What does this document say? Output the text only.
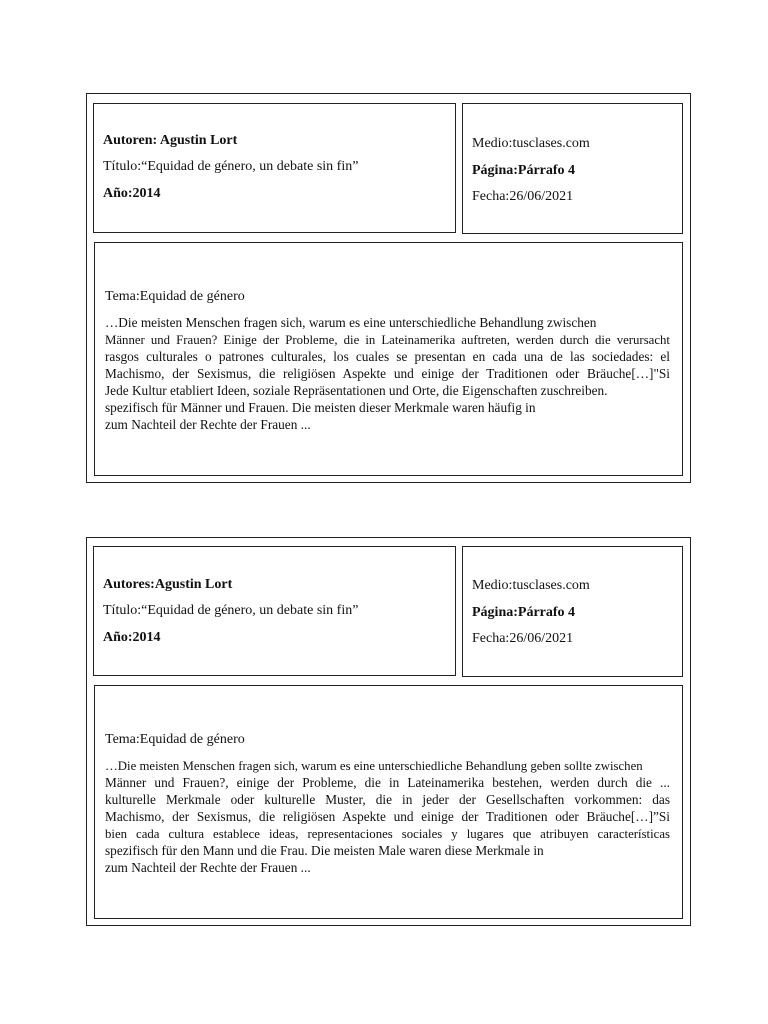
Autoren: Agustin Lort
Título:“Equidad de género, un debate sin fin”
Año:2014
Medio:tusclases.com
Página:Párrafo 4
Fecha:26/06/2021
Tema:Equidad de género
…Die meisten Menschen fragen sich, warum es eine unterschiedliche Behandlung zwischen
Männer und Frauen? Einige der Probleme, die in Lateinamerika auftreten, werden durch die verursacht
rasgos culturales o patrones culturales, los cuales se presentan en cada una de las sociedades: el
Machismo, der Sexismus, die religiösen Aspekte und einige der Traditionen oder Bräuche[…]"Si
Jede Kultur etabliert Ideen, soziale Repräsentationen und Orte, die Eigenschaften zuschreiben.
spezifisch für Männer und Frauen. Die meisten dieser Merkmale waren häufig in
zum Nachteil der Rechte der Frauen ...
Autores:Agustin Lort
Título:“Equidad de género, un debate sin fin”
Año:2014
Medio:tusclases.com
Página:Párrafo 4
Fecha:26/06/2021
Tema:Equidad de género
…Die meisten Menschen fragen sich, warum es eine unterschiedliche Behandlung geben sollte zwischen
Männer und Frauen?, einige der Probleme, die in Lateinamerika bestehen, werden durch die ...
kulturelle Merkmale oder kulturelle Muster, die in jeder der Gesellschaften vorkommen: das
Machismo, der Sexismus, die religiösen Aspekte und einige der Traditionen oder Bräuche[…]”Si
bien cada cultura establece ideas, representaciones sociales y lugares que atribuyen características
spezifisch für den Mann und die Frau. Die meisten Male waren diese Merkmale in
zum Nachteil der Rechte der Frauen ...
